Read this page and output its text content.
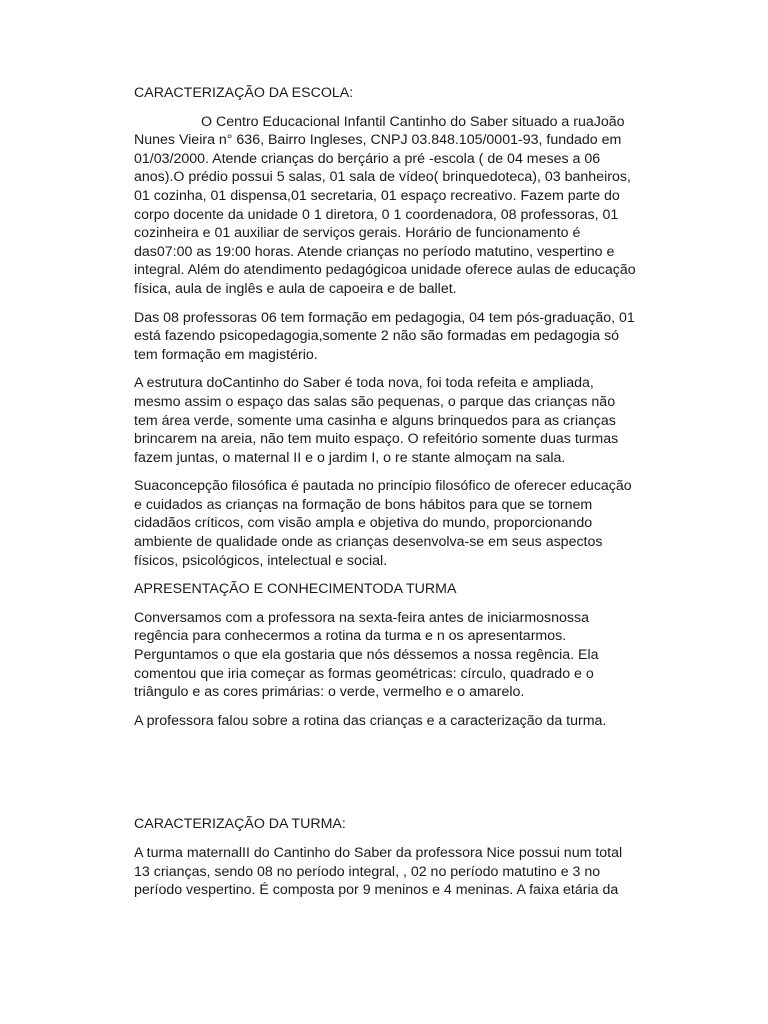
CARACTERIZAÇÃO DA ESCOLA:

O Centro Educacional Infantil Cantinho do Saber situado a ruaJoão
Nunes Vieira n° 636, Bairro Ingleses, CNPJ 03.848.105/0001-93, fundado em
01/03/2000. Atende crianças do berçário a pré -escola ( de 04 meses a 06
anos).O prédio possui 5 salas, 01 sala de vídeo( brinquedoteca), 03 banheiros,
01 cozinha, 01 dispensa,01 secretaria, 01 espaço recreativo. Fazem parte do
corpo docente da unidade 0 1 diretora, 0 1 coordenadora, 08 professoras, 01
cozinheira e 01 auxiliar de serviços gerais. Horário de funcionamento é
das07:00 as 19:00 horas. Atende crianças no período matutino, vespertino e
integral. Além do atendimento pedagógicoa unidade oferece aulas de educação
física, aula de inglês e aula de capoeira e de ballet.

Das 08 professoras 06 tem formação em pedagogia, 04 tem pós-graduação, 01
está fazendo psicopedagogia,somente 2 não são formadas em pedagogia só
tem formação em magistério.

A estrutura doCantinho do Saber é toda nova, foi toda refeita e ampliada,
mesmo assim o espaço das salas são pequenas, o parque das crianças não
tem área verde, somente uma casinha e alguns brinquedos para as crianças
brincarem na areia, não tem muito espaço. O refeitório somente duas turmas
fazem juntas, o maternal II e o jardim I, o re stante almoçam na sala.

Suaconcepção filosófica é pautada no princípio filosófico de oferecer educação
e cuidados as crianças na formação de bons hábitos para que se tornem
cidadãos críticos, com visão ampla e objetiva do mundo, proporcionando
ambiente de qualidade onde as crianças desenvolva-se em seus aspectos
físicos, psicológicos, intelectual e social.

APRESENTAÇÃO E CONHECIMENTODA TURMA

Conversamos com a professora na sexta-feira antes de iniciarmosnossa
regência para conhecermos a rotina da turma e n os apresentarmos.
Perguntamos o que ela gostaria que nós déssemos a nossa regência. Ela
comentou que iria começar as formas geométricas: círculo, quadrado e o
triângulo e as cores primárias: o verde, vermelho e o amarelo.

A professora falou sobre a rotina das crianças e a caracterização da turma.

CARACTERIZAÇÃO DA TURMA:

A turma maternalII do Cantinho do Saber da professora Nice possui num total
13 crianças, sendo 08 no período integral, , 02 no período matutino e 3 no
período vespertino. É composta por 9 meninos e 4 meninas. A faixa etária da
